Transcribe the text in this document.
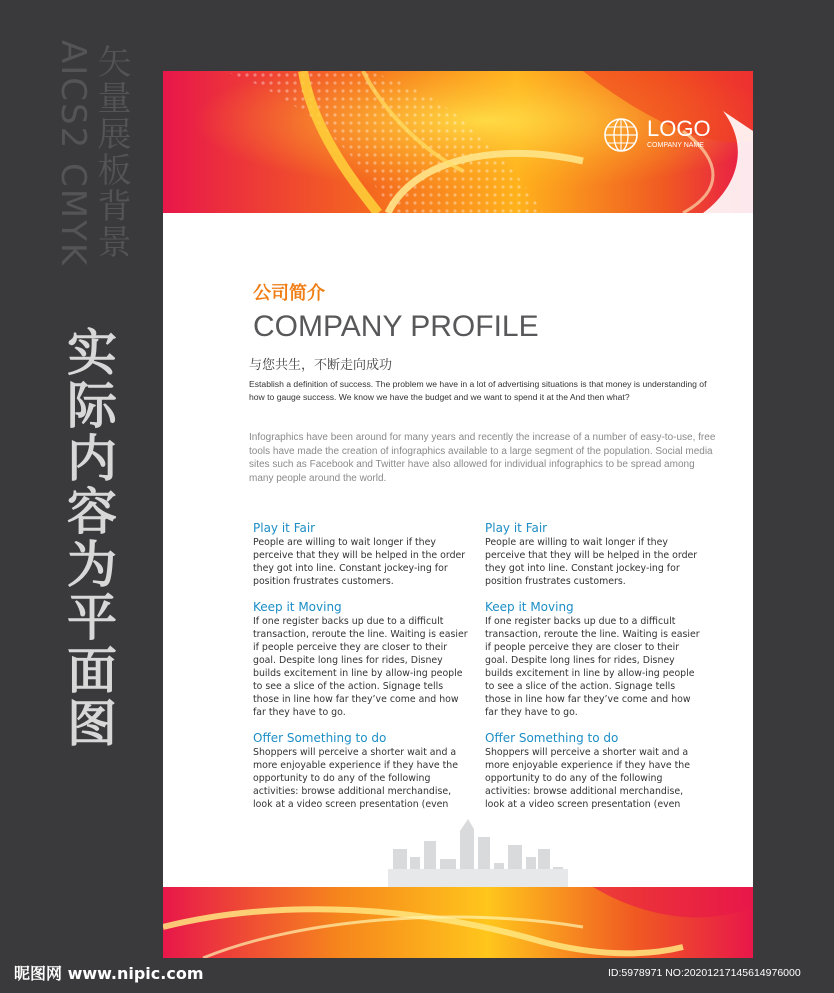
AICS2 CMYK
矢量展板背景
实际内容为平面图
LOGO
COMPANY NAME
公司简介
COMPANY PROFILE
与您共生，不断走向成功
Establish a definition of success. The problem we have in a lot of advertising situations is that money is understanding of how to gauge success. We know we have the budget and we want to spend it at the And then what?
Infographics have been around for many years and recently the increase of a number of easy-to-use, free tools have made the creation of infographics available to a large segment of the population. Social media sites such as Facebook and Twitter have also allowed for individual infographics to be spread among many people around the world.
Play it Fair

People are willing to wait longer if they perceive that they will be helped in the order they got into line. Constant jockey-ing for position frustrates customers.

Keep it Moving

If one register backs up due to a difficult transaction, reroute the line. Waiting is easier if people perceive they are closer to their goal. Despite long lines for rides, Disney builds excitement in line by allow-ing people to see a slice of the action. Signage tells those in line how far they’ve come and how far they have to go.

Offer Something to do

Shoppers will perceive a shorter wait and a more enjoyable experience if they have the opportunity to do any of the following activities: browse additional merchandise, look at a video screen presentation (even

Play it Fair

People are willing to wait longer if they perceive that they will be helped in the order they got into line. Constant jockey-ing for position frustrates customers.

Keep it Moving

If one register backs up due to a difficult transaction, reroute the line. Waiting is easier if people perceive they are closer to their goal. Despite long lines for rides, Disney builds excitement in line by allow-ing people to see a slice of the action. Signage tells those in line how far they’ve come and how far they have to go.

Offer Something to do

Shoppers will perceive a shorter wait and a more enjoyable experience if they have the opportunity to do any of the following activities: browse additional merchandise, look at a video screen presentation (even

昵图网 www.nipic.com	ID:5978971 NO:20201217145614976000
